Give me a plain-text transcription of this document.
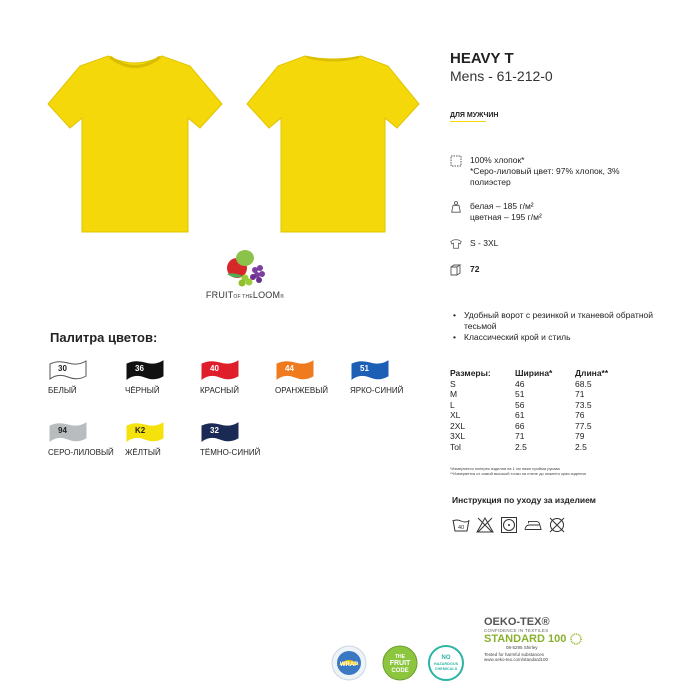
FRUITOF THELOOM®
HEAVY T
Mens - 61-212-0
ДЛЯ МУЖЧИН
100% хлопок*
*Серо-лиловый цвет: 97% хлопок, 3%
полиэстер
белая – 185 г/м²
цветная – 195 г/м²
S - 3XL
72
• Удобный ворот с резинкой и тканевой обратной тесьмой
• Классический крой и стиль
Размеры:	Ширина*	Длина**
S	46	68.5
M	51	71
L	56	73.5
XL	61	76
2XL	66	77.5
3XL	71	79
Tol	2.5	2.5
*Измеряется поперек изделия на 1 см ниже пройма рукава
**Измеряется от самой высокой точки на плече до нижнего края изделия
Инструкция по уходу за изделием
40
Палитра цветов:
30
БЕЛЫЙ
36
ЧЁРНЫЙ
40
КРАСНЫЙ
44
ОРАНЖЕВЫЙ
51
ЯРКО-СИНИЙ
94
СЕРО-ЛИЛОВЫЙ
K2
ЖЁЛТЫЙ
32
ТЁМНО-СИНИЙ
OEKO-TEX®
CONFIDENCE IN TEXTILES
STANDARD 100
08-5295 Shirley
Tested for harmful substances
www.oeko-tex.com/standard100
WRAP
THE
FRUIT
CODE
NO
HAZARDOUS
CHEMICALS
